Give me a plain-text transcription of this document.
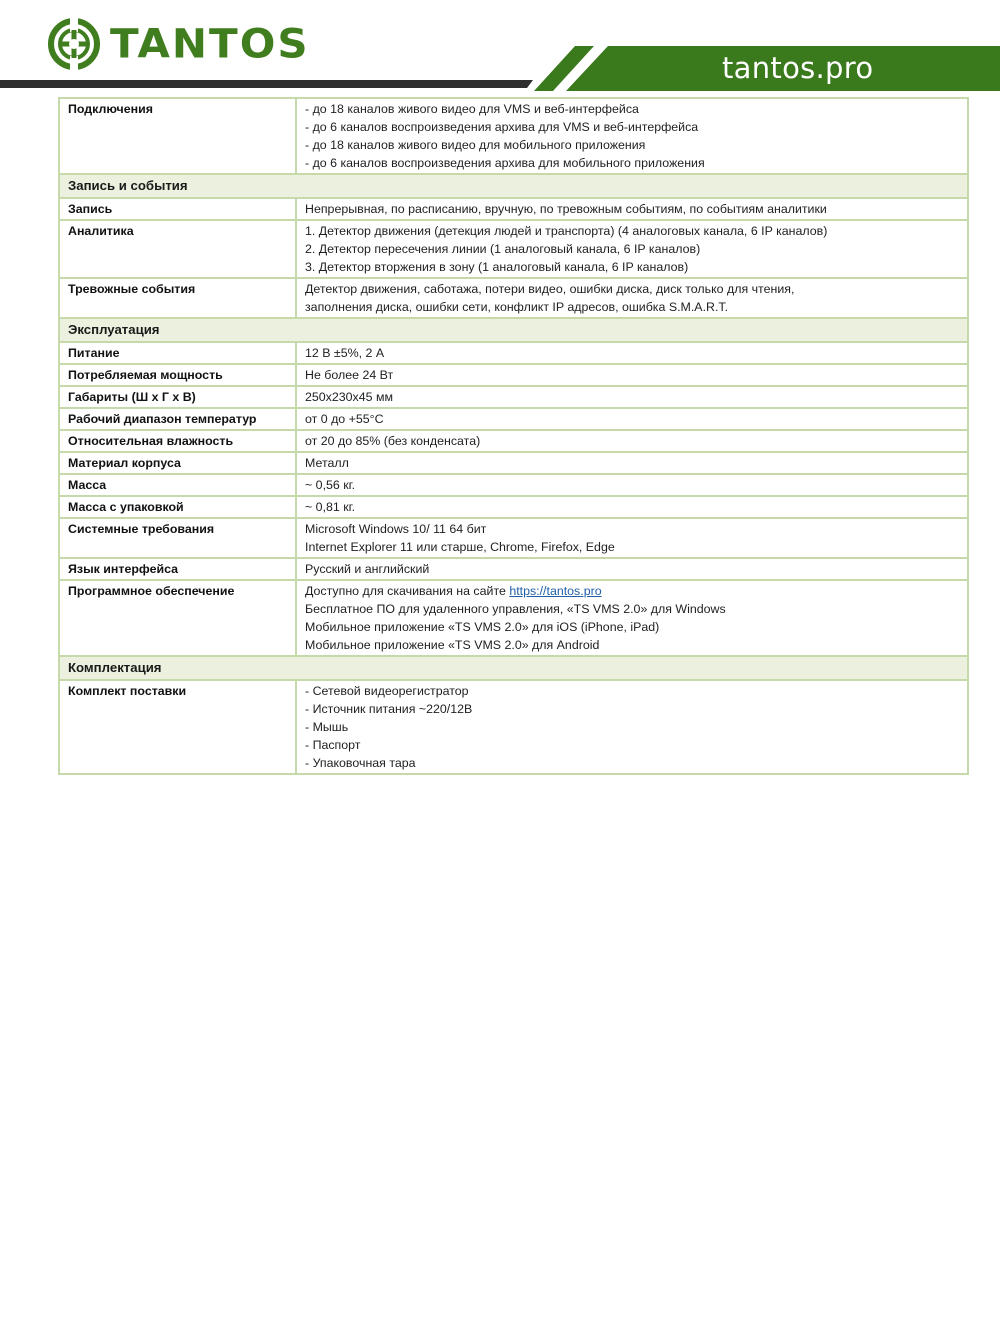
TANTOS
tantos.pro
Подключения	- до 18 каналов живого видео для VMS и веб-интерфейса
- до 6 каналов воспроизведения архива для VMS и веб-интерфейса
- до 18 каналов живого видео для мобильного приложения
- до 6 каналов воспроизведения архива для мобильного приложения

Запись и события	
Запись	Непрерывная, по расписанию, вручную, по тревожным событиям, по событиям аналитики

Аналитика	1. Детектор движения (детекция людей и транспорта) (4 аналоговых канала, 6 IP каналов)
2. Детектор пересечения линии (1 аналоговый канала, 6 IP каналов)
3. Детектор вторжения в зону (1 аналоговый канала, 6 IP каналов)

Тревожные события	Детектор движения, саботажа, потери видео, ошибки диска, диск только для чтения,
заполнения диска, ошибки сети, конфликт IP адресов, ошибка S.M.A.R.T.

Эксплуатация	
Питание	12 В ±5%, 2 А

Потребляемая мощность	Не более 24 Вт

Габариты (Ш х Г х В)	250х230х45 мм

Рабочий диапазон температур	от 0 до +55°C

Относительная влажность	от 20 до 85% (без конденсата)

Материал корпуса	Металл

Масса	~ 0,56 кг.

Масса с упаковкой	~ 0,81 кг.

Системные требования	Microsoft Windows 10/ 11 64 бит
Internet Explorer 11 или старше, Chrome, Firefox, Edge

Язык интерфейса	Русский и английский

Программное обеспечение	Доступно для скачивания на сайте https://tantos.pro
Бесплатное ПО для удаленного управления, «TS VMS 2.0» для Windows
Мобильное приложение «TS VMS 2.0» для iOS (iPhone, iPad)
Мобильное приложение «TS VMS 2.0» для Android

Комплектация	
Комплект поставки	- Сетевой видеорегистратор
- Источник питания ~220/12В
- Мышь
- Паспорт
- Упаковочная тара
